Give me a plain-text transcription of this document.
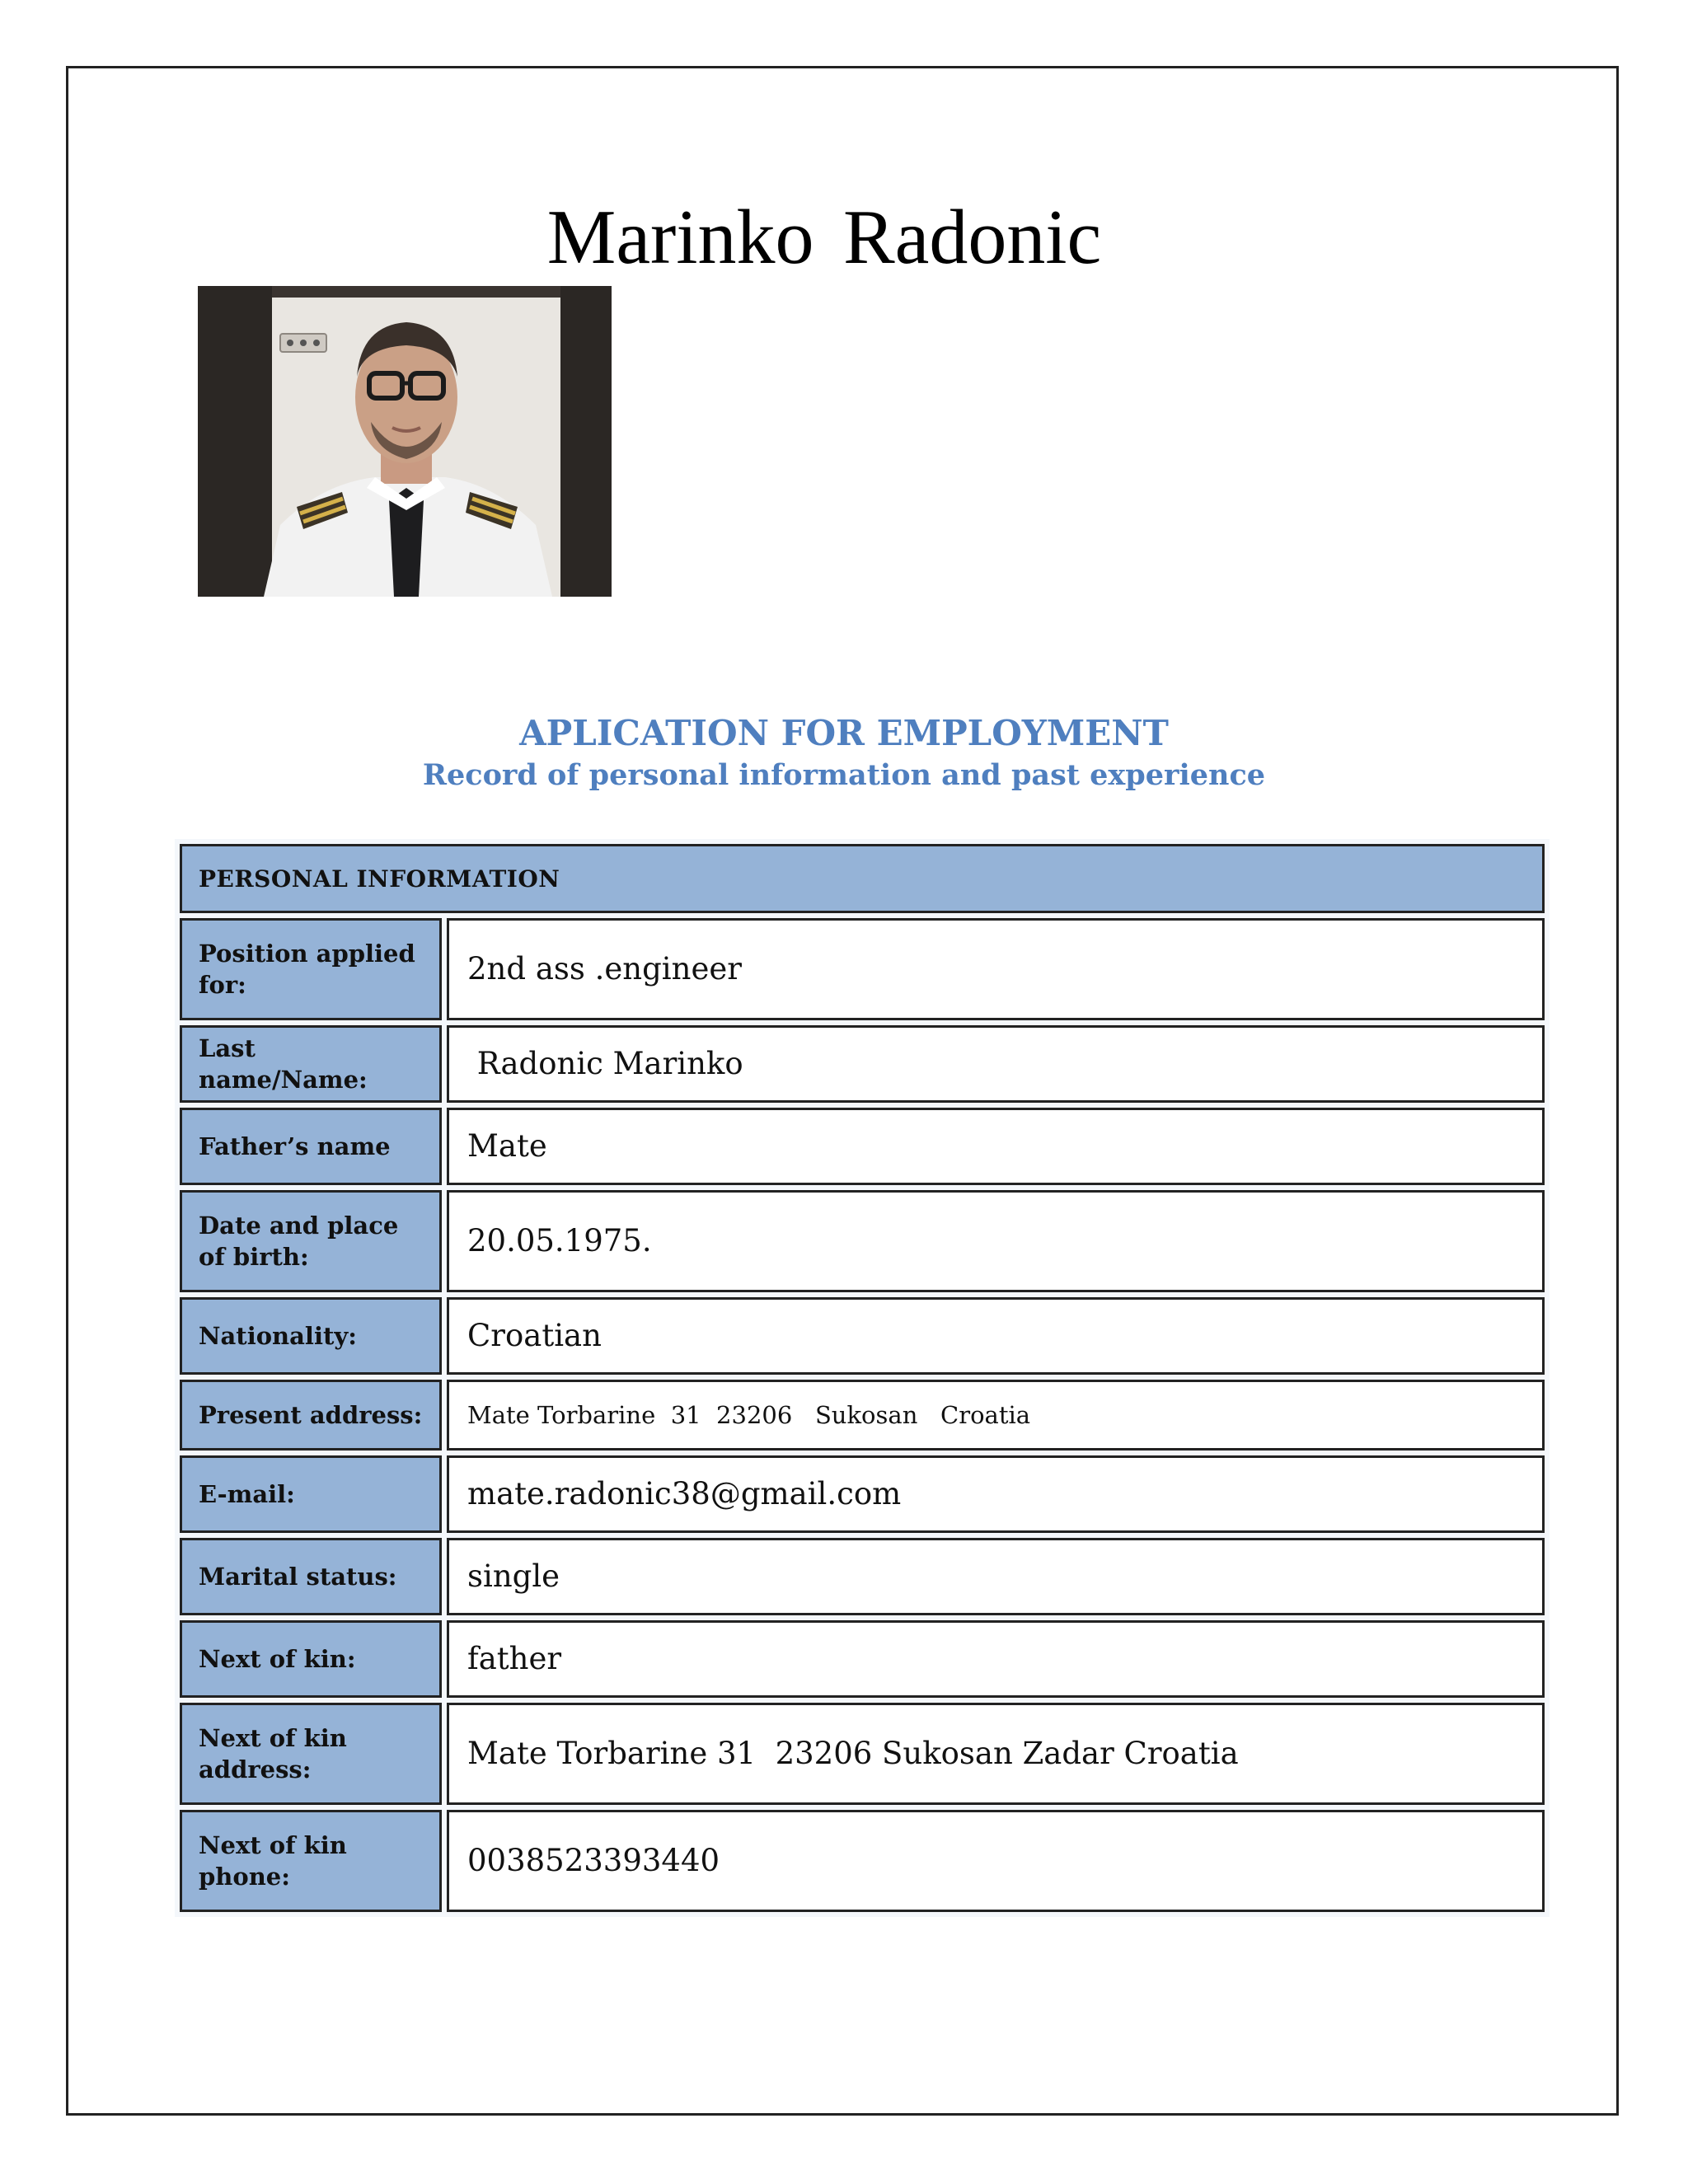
Marinko Radonic
APLICATION FOR EMPLOYMENT
Record of personal information and past experience
PERSONAL INFORMATION	
Position applied for:	2nd ass .engineer
Last name/Name:	Radonic Marinko
Father’s name	Mate
Date and place of birth:	20.05.1975.
Nationality:	Croatian
Present address:	Mate Torbarine  31  23206   Sukosan   Croatia
E-mail:	mate.radonic38@gmail.com
Marital status:	single
Next of kin:	father
Next of kin address:	Mate Torbarine 31  23206 Sukosan Zadar Croatia
Next of kin phone:	0038523393440
